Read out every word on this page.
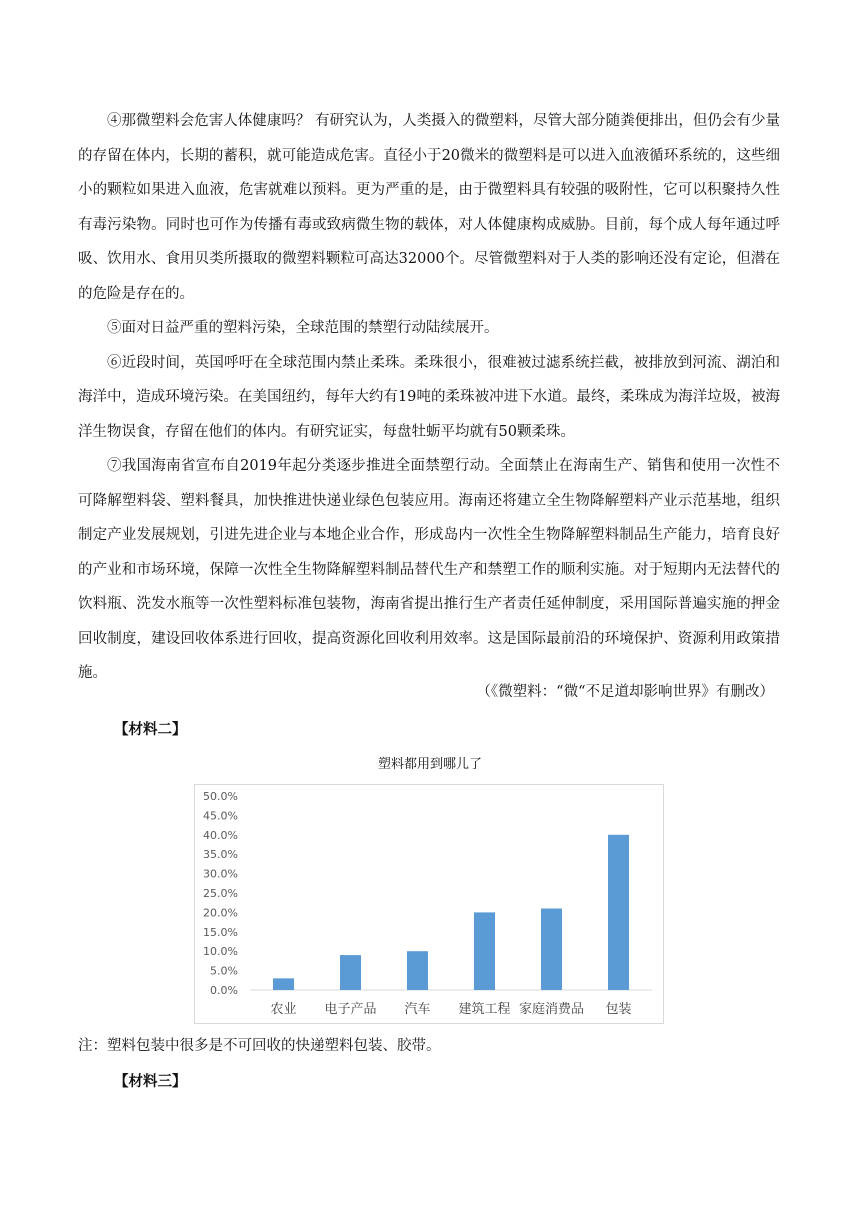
④那微塑料会危害人体健康吗？ 有研究认为，人类摄入的微塑料，尽管大部分随粪便排出，但仍会有少量的存留在体内，长期的蓄积，就可能造成危害。直径小于20微米的微塑料是可以进入血液循环系统的，这些细小的颗粒如果进入血液，危害就难以预料。更为严重的是，由于微塑料具有较强的吸附性，它可以积聚持久性有毒污染物。同时也可作为传播有毒或致病微生物的载体，对人体健康构成威胁。目前，每个成人每年通过呼吸、饮用水、食用贝类所摄取的微塑料颗粒可高达32000个。尽管微塑料对于人类的影响还没有定论，但潜在的危险是存在的。

⑤面对日益严重的塑料污染，全球范围的禁塑行动陆续展开。

⑥近段时间，英国呼吁在全球范围内禁止柔珠。柔珠很小，很难被过滤系统拦截，被排放到河流、湖泊和海洋中，造成环境污染。在美国纽约，每年大约有19吨的柔珠被冲进下水道。最终，柔珠成为海洋垃圾，被海洋生物误食，存留在他们的体内。有研究证实，每盘牡蛎平均就有50颗柔珠。

⑦我国海南省宣布自2019年起分类逐步推进全面禁塑行动。全面禁止在海南生产、销售和使用一次性不可降解塑料袋、塑料餐具，加快推进快递业绿色包装应用。海南还将建立全生物降解塑料产业示范基地，组织制定产业发展规划，引进先进企业与本地企业合作，形成岛内一次性全生物降解塑料制品生产能力，培育良好的产业和市场环境，保障一次性全生物降解塑料制品替代生产和禁塑工作的顺利实施。对于短期内无法替代的饮料瓶、洗发水瓶等一次性塑料标准包装物，海南省提出推行生产者责任延伸制度，采用国际普遍实施的押金回收制度，建设回收体系进行回收，提高资源化回收利用效率。这是国际最前沿的环境保护、资源利用政策措施。

（《微塑料：“微“不足道却影响世界》有删改）
【材料二】
塑料都用到哪儿了
0.0%
5.0%
10.0%
15.0%
20.0%
25.0%
30.0%
35.0%
40.0%
45.0%
50.0%
农业 电子产品 汽车 建筑工程 家庭消费品 包装
注：塑料包装中很多是不可回收的快递塑料包装、胶带。
【材料三】
